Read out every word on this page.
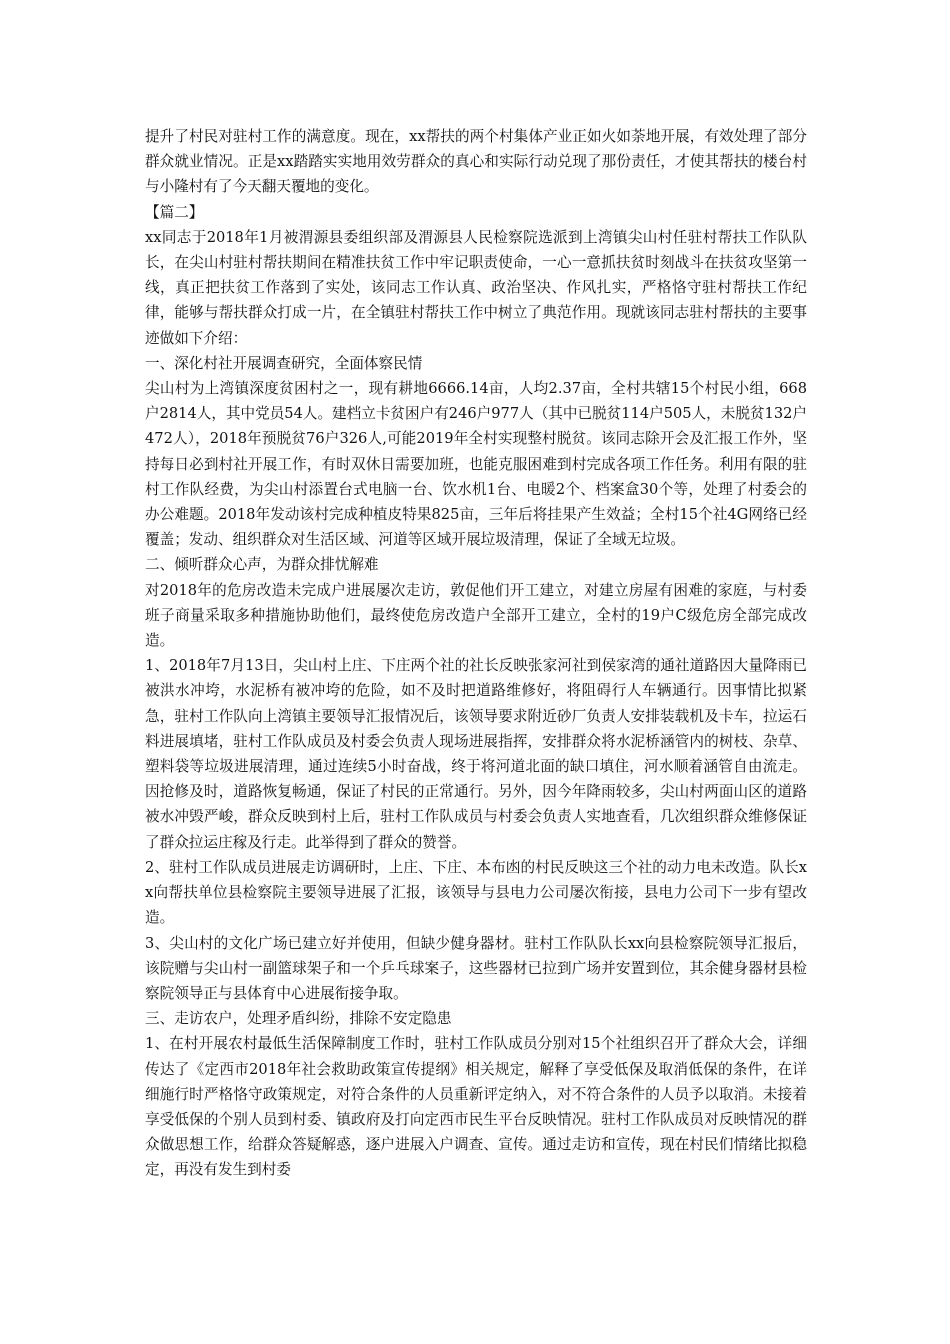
提升了村民对驻村工作的满意度。现在，xx帮扶的两个村集体产业正如火如荼地开展，有效处理了部分群众就业情况。正是xx踏踏实实地用效劳群众的真心和实际行动兑现了那份责任，才使其帮扶的楼台村与小隆村有了今天翻天覆地的变化。

【篇二】

xx同志于2018年1月被渭源县委组织部及渭源县人民检察院选派到上湾镇尖山村任驻村帮扶工作队队长，在尖山村驻村帮扶期间在精准扶贫工作中牢记职责使命，一心一意抓扶贫时刻战斗在扶贫攻坚第一线，真正把扶贫工作落到了实处，该同志工作认真、政治坚决、作风扎实，严格恪守驻村帮扶工作纪律，能够与帮扶群众打成一片，在全镇驻村帮扶工作中树立了典范作用。现就该同志驻村帮扶的主要事迹做如下介绍：

一、深化村社开展调查研究，全面体察民情

尖山村为上湾镇深度贫困村之一，现有耕地6666.14亩，人均2.37亩，全村共辖15个村民小组，668户2814人，其中党员54人。建档立卡贫困户有246户977人（其中已脱贫114户505人，未脱贫132户472人），2018年预脱贫76户326人,可能2019年全村实现整村脱贫。该同志除开会及汇报工作外，坚持每日必到村社开展工作，有时双休日需要加班，也能克服困难到村完成各项工作任务。利用有限的驻村工作队经费，为尖山村添置台式电脑一台、饮水机1台、电暖2个、档案盒30个等，处理了村委会的办公难题。2018年发动该村完成种植皮特果825亩，三年后将挂果产生效益；全村15个社4G网络已经覆盖；发动、组织群众对生活区域、河道等区域开展垃圾清理，保证了全域无垃圾。

二、倾听群众心声，为群众排忧解难

对2018年的危房改造未完成户进展屡次走访，敦促他们开工建立，对建立房屋有困难的家庭，与村委班子商量采取多种措施协助他们，最终使危房改造户全部开工建立，全村的19户C级危房全部完成改造。

1、2018年7月13日，尖山村上庄、下庄两个社的社长反映张家河社到侯家湾的通社道路因大量降雨已被洪水冲垮，水泥桥有被冲垮的危险，如不及时把道路维修好，将阻碍行人车辆通行。因事情比拟紧急，驻村工作队向上湾镇主要领导汇报情况后，该领导要求附近砂厂负责人安排装载机及卡车，拉运石料进展填堵，驻村工作队成员及村委会负责人现场进展指挥，安排群众将水泥桥涵管内的树枝、杂草、塑料袋等垃圾进展清理，通过连续5小时奋战，终于将河道北面的缺口填住，河水顺着涵管自由流走。因抢修及时，道路恢复畅通，保证了村民的正常通行。另外，因今年降雨较多，尖山村两面山区的道路被水冲毁严峻，群众反映到村上后，驻村工作队成员与村委会负责人实地查看，几次组织群众维修保证了群众拉运庄稼及行走。此举得到了群众的赞誉。

2、驻村工作队成员进展走访调研时，上庄、下庄、本布凼的村民反映这三个社的动力电未改造。队长xx向帮扶单位县检察院主要领导进展了汇报，该领导与县电力公司屡次衔接，县电力公司下一步有望改造。

3、尖山村的文化广场已建立好并使用，但缺少健身器材。驻村工作队队长xx向县检察院领导汇报后，该院赠与尖山村一副篮球架子和一个乒乓球案子，这些器材已拉到广场并安置到位，其余健身器材县检察院领导正与县体育中心进展衔接争取。

三、走访农户，处理矛盾纠纷，排除不安定隐患

1、在村开展农村最低生活保障制度工作时，驻村工作队成员分别对15个社组织召开了群众大会，详细传达了《定西市2018年社会救助政策宣传提纲》相关规定，解释了享受低保及取消低保的条件，在详细施行时严格恪守政策规定，对符合条件的人员重新评定纳入，对不符合条件的人员予以取消。未接着享受低保的个别人员到村委、镇政府及打向定西市民生平台反映情况。驻村工作队成员对反映情况的群众做思想工作，给群众答疑解惑，逐户进展入户调查、宣传。通过走访和宣传，现在村民们情绪比拟稳定，再没有发生到村委
